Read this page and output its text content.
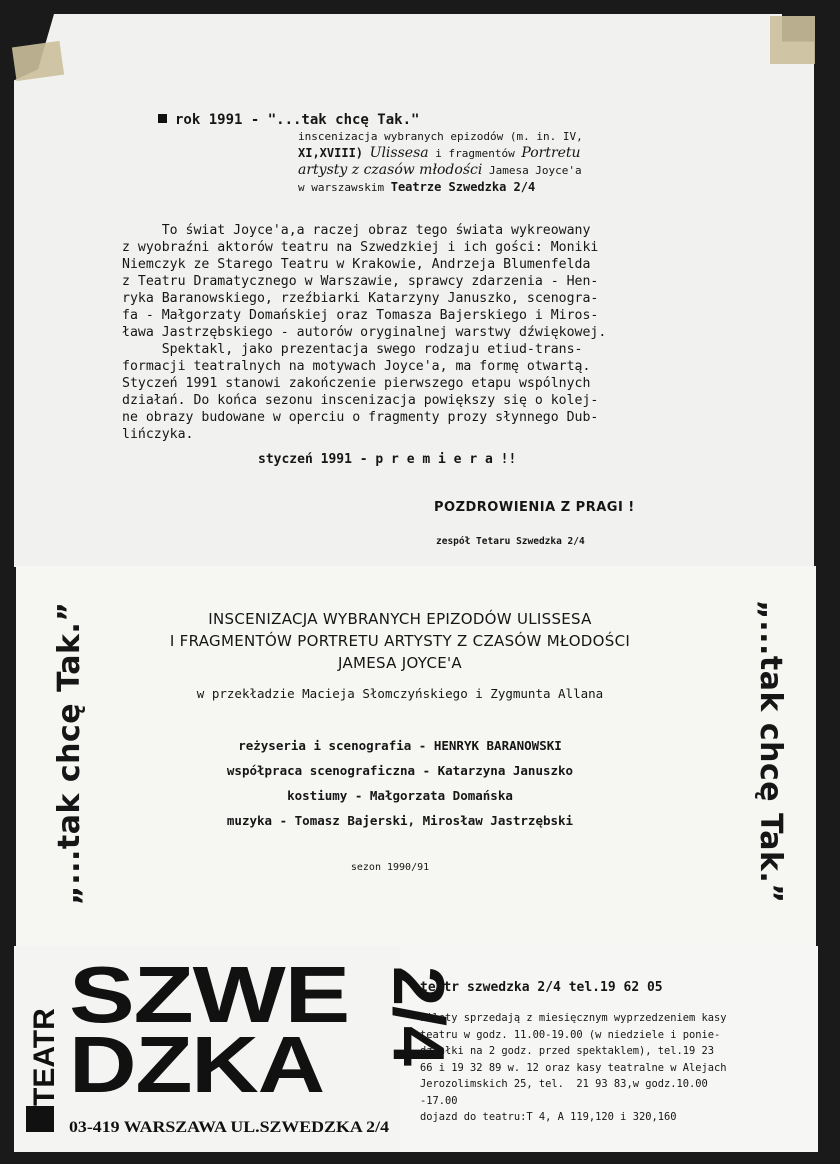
rok 1991 - "...tak chcę Tak."
inscenizacja wybranych epizodów (m. in. IV,
XI,XVIII) Ulissesa i fragmentów Portretu
artysty z czasów młodości Jamesa Joyce'a
w warszawskim Teatrze Szwedzka 2/4
To świat Joyce'a,a raczej obraz tego świata wykreowany
z wyobraźni aktorów teatru na Szwedzkiej i ich gości: Moniki
Niemczyk ze Starego Teatru w Krakowie, Andrzeja Blumenfelda
z Teatru Dramatycznego w Warszawie, sprawcy zdarzenia - Hen-
ryka Baranowskiego, rzeźbiarki Katarzyny Januszko, scenogra-
fa - Małgorzaty Domańskiej oraz Tomasza Bajerskiego i Miros-
ława Jastrzębskiego - autorów oryginalnej warstwy dźwiękowej.
Spektakl, jako prezentacja swego rodzaju etiud-trans-
formacji teatralnych na motywach Joyce'a, ma formę otwartą.
Styczeń 1991 stanowi zakończenie pierwszego etapu wspólnych
działań. Do końca sezonu inscenizacja powiększy się o kolej-
ne obrazy budowane w operciu o fragmenty prozy słynnego Dub-
lińczyka.
styczeń 1991 - p r e m i e r a !!
POZDROWIENIA Z PRAGI !
zespół Tetaru Szwedzka 2/4
„...tak chcę Tak.”	„...tak chcę Tak.”
INSCENIZACJA WYBRANYCH EPIZODÓW ULISSESA
I FRAGMENTÓW PORTRETU ARTYSTY Z CZASÓW MŁODOŚCI
JAMESA JOYCE'A
w przekładzie Macieja Słomczyńskiego i Zygmunta Allana
reżyseria i scenografia - HENRYK BARANOWSKI
współpraca scenograficzna - Katarzyna Januszko
kostiumy - Małgorzata Domańska
muzyka - Tomasz Bajerski, Mirosław Jastrzębski
sezon 1990/91
TEATR
SZWE
DZKA 2/4
03-419 WARSZAWA UL.SZWEDZKA 2/4
teatr szwedzka 2/4 tel.19 62 05
bilety sprzedają z miesięcznym wyprzedzeniem kasy
teatru w godz. 11.00-19.00 (w niedziele i ponie-
działki na 2 godz. przed spektaklem), tel.19 23
66 i 19 32 89 w. 12 oraz kasy teatralne w Alejach
Jerozolimskich 25, tel.  21 93 83,w godz.10.00
-17.00
dojazd do teatru:T 4, A 119,120 i 320,160
